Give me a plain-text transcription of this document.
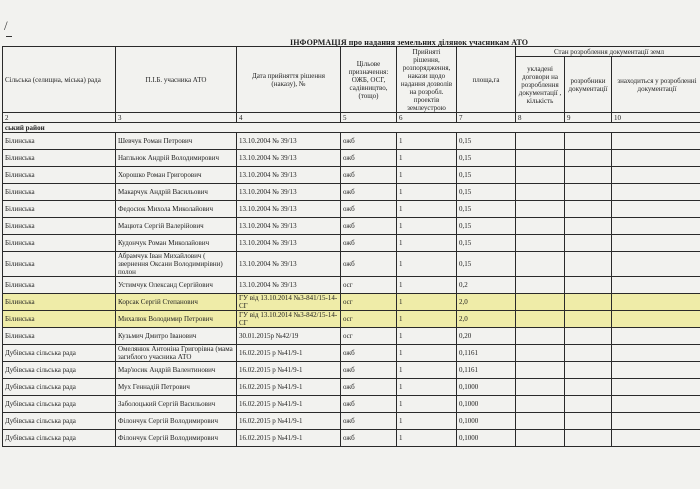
/
ІНФОРМАЦІЯ про надання земельних ділянок учасникам АТО
Сільська (селищна, міська) рада	П.І.Б. учасника АТО	Дата прийняття рішення (наказу), №	Цільове призначення: ОЖБ, ОСГ, садівництво, (тощо)	Прийняті рішення, розпорядження, накази щодо надання дозволів на розробл. проектів землеустрою	площа,га	Стан розроблення документації земл		
						укладені договори на розроблення документації , кількість	розробники документації	знаходиться у розробленні документації
2	3	4	5	6	7	8	9	10
ський район								
Білинська	Шевчук Роман Петрович	13.10.2004 № 39/13	ожб	1	0,15			
Білинська	Нагльнок Андрій Володимирович	13.10.2004 № 39/13	ожб	1	0,15			
Білинська	Хорошко Роман Григорович	13.10.2004 № 39/13	ожб	1	0,15			
Білинська	Макарчук Андрій Васильович	13.10.2004 № 39/13	ожб	1	0,15			
Білинська	Федосюк Михола Миколайович	13.10.2004 № 39/13	ожб	1	0,15			
Білинська	Мацюта Сергій Валерійович	13.10.2004 № 39/13	ожб	1	0,15			
Білинська	Кудончук Роман Миколайович	13.10.2004 № 39/13	ожб	1	0,15			
Білинська	Абрамчук Іван Михайлович ( звернення Оксани Володимирівни) полон	13.10.2004 № 39/13	ожб	1	0,15			
Білинська	Устимчук Олександ Сергійович	13.10.2004 № 39/13	осг	1	0,2			
Білинська	Корсак Сергій Степанович	ГУ від 13.10.2014 №3-841/15-14-СГ	осг	1	2,0			
Білинська	Михалюк Володимир Петрович	ГУ від 13.10.2014 №3-842/15-14-СГ	осг	1	2,0			
Білинська	Кузьмич Дмитро Іванович	30.01.2015р №42/19	осг	1	0,20			
Дубівська сільська рада	Омелянюк Антоніна Григорівна (мама загиблого учасника АТО	16.02.2015 р №41/9-1	ожб	1	0,1161			
Дубівська сільська рада	Мар'юсик Андрій Валентинович	16.02.2015 р №41/9-1	ожб	1	0,1161			
Дубівська сільська рада	Мух Геннадій Петрович	16.02.2015 р №41/9-1	ожб	1	0,1000			
Дубівська сільська рада	Заболоцький Сергій Васильович	16.02.2015 р №41/9-1	ожб	1	0,1000			
Дубівська сільська рада	Філончук Сергій Володимирович	16.02.2015 р №41/9-1	ожб	1	0,1000			
Дубівська сільська рада	Філончук Сергій Володимирович	16.02.2015 р №41/9-1	ожб	1	0,1000			
